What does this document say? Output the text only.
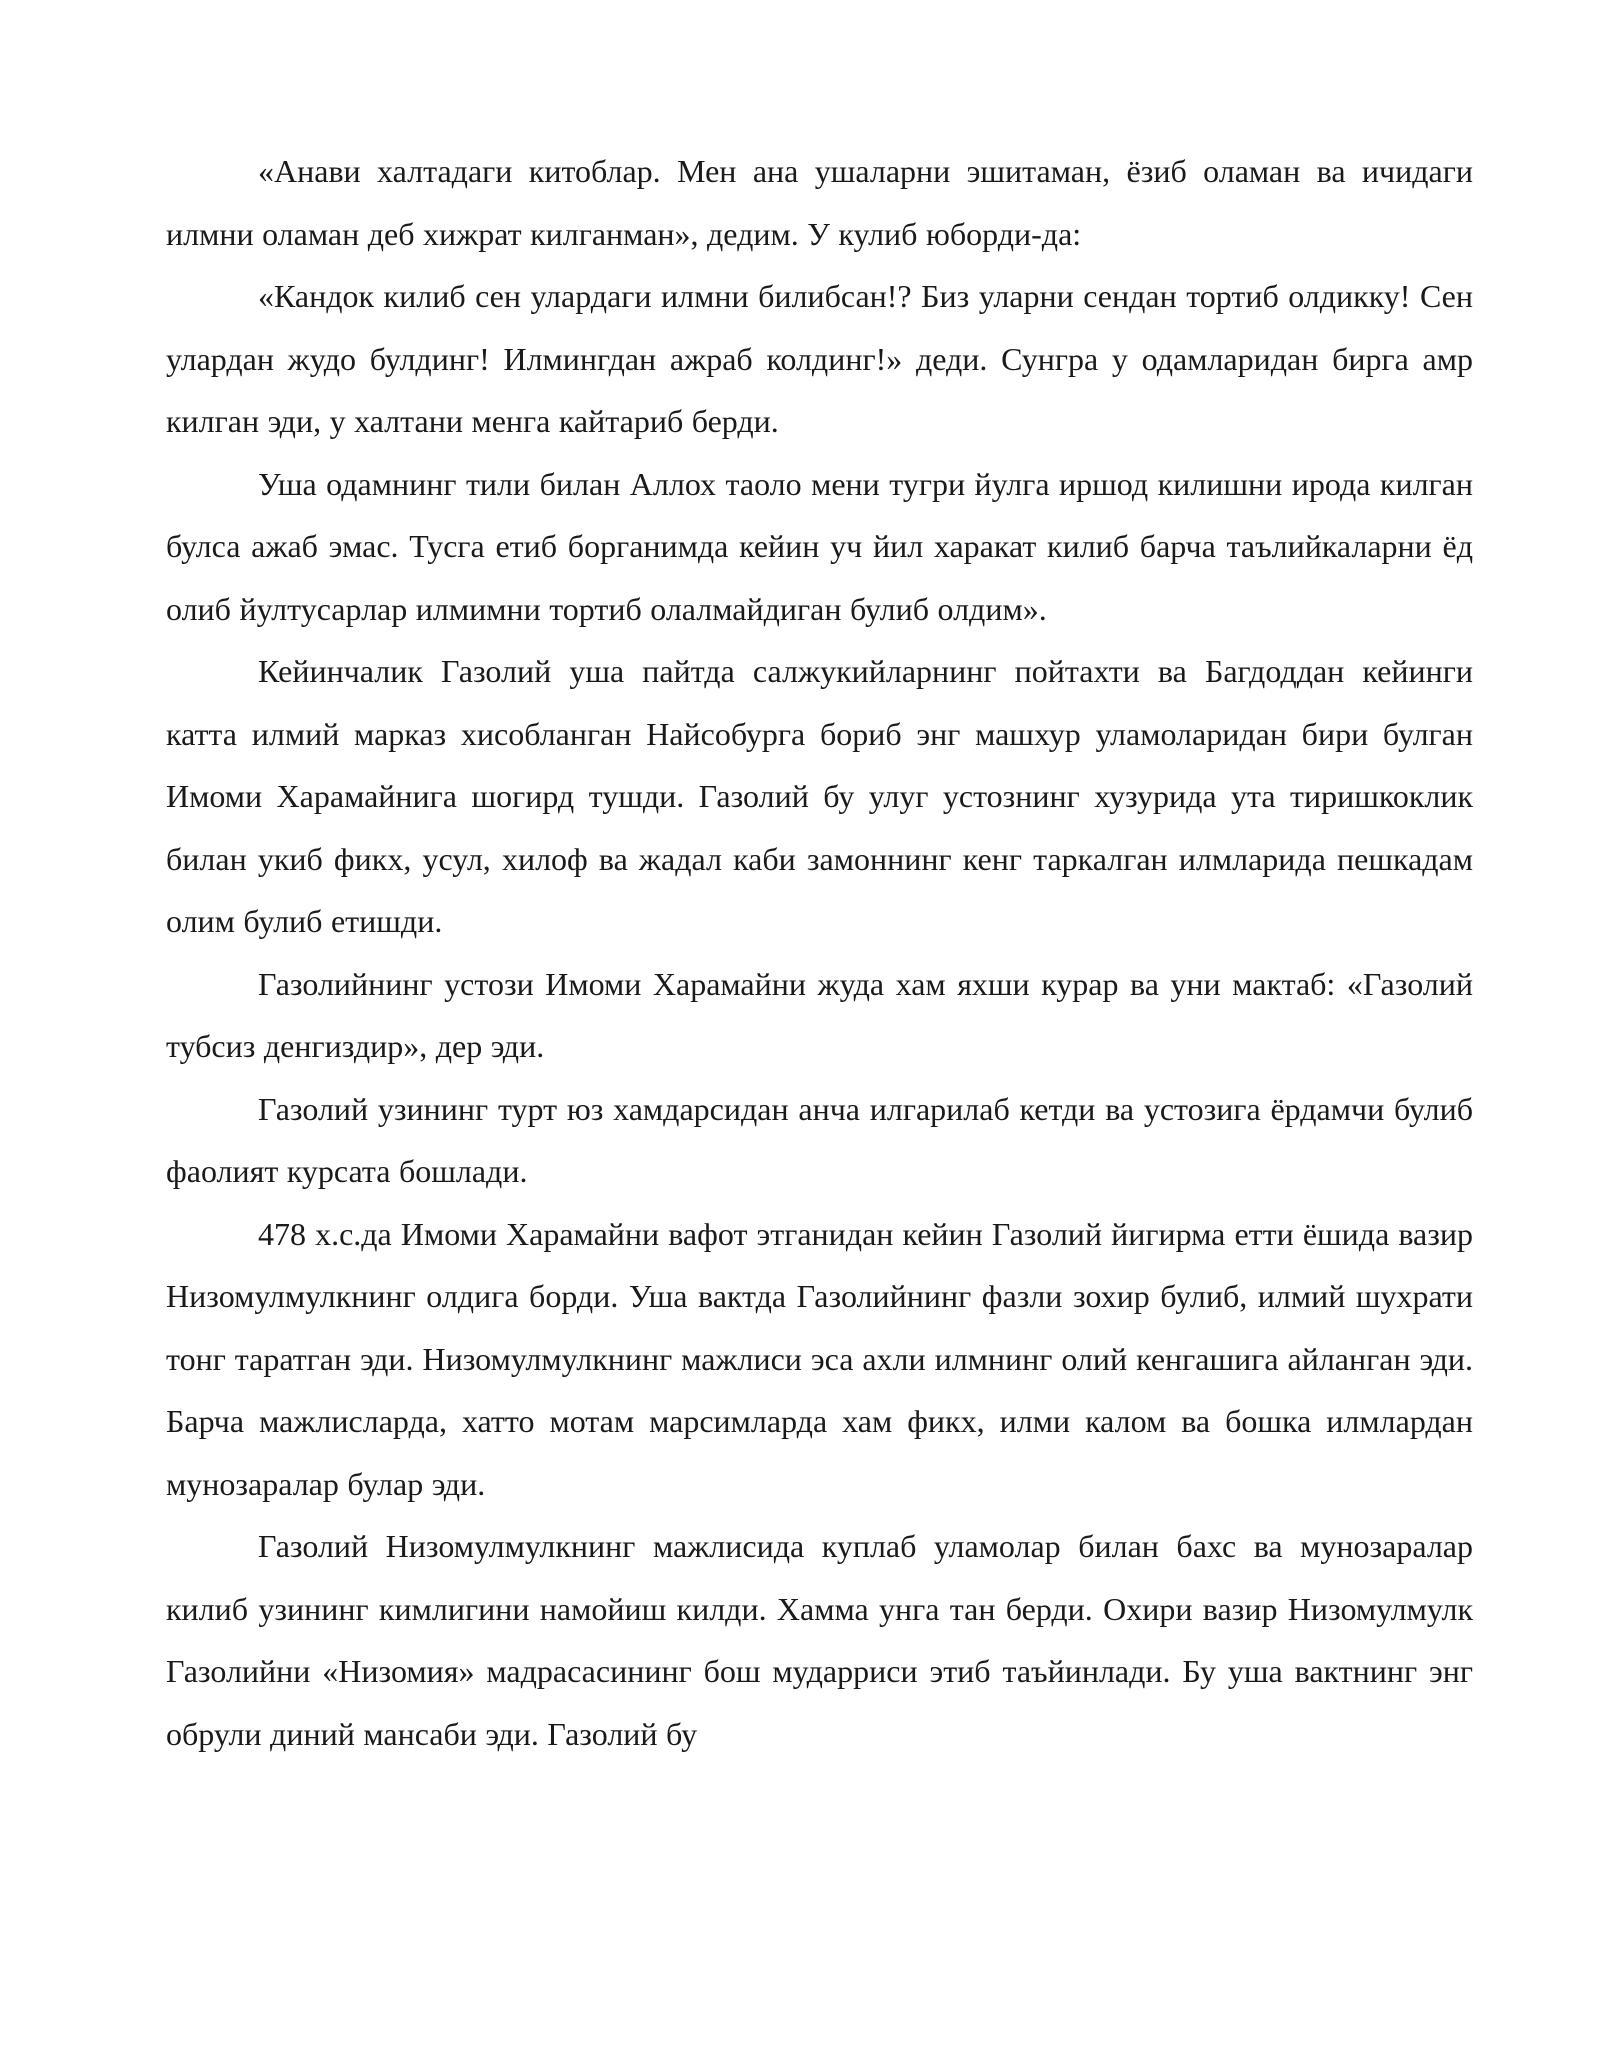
«Анави халтадаги китоблар. Мен ана ушаларни эшитаман, ёзиб оламан ва ичидаги илмни оламан деб хижрат килганман», дедим. У кулиб юборди-да:

«Кандок килиб сен улардаги илмни билибсан!? Биз уларни сендан тортиб олдикку! Сен улардан жудо булдинг! Илмингдан ажраб колдинг!» деди. Сунгра у одамларидан бирга амр килган эди, у халтани менга кайтариб берди.

Уша одамнинг тили билан Аллох таоло мени тугри йулга иршод килишни ирода килган булса ажаб эмас. Тусга етиб борганимда кейин уч йил харакат килиб барча таълийкаларни ёд олиб йултусарлар илмимни тортиб олалмайдиган булиб олдим».

Кейинчалик Газолий уша пайтда салжукийларнинг пойтахти ва Багдоддан кейинги катта илмий марказ хисобланган Найсобурга бориб энг машхур уламоларидан бири булган Имоми Харамайнига шогирд тушди. Газолий бу улуг устознинг хузурида ута тиришкоклик билан укиб фикх, усул, хилоф ва жадал каби замоннинг кенг таркалган илмларида пешкадам олим булиб етишди.

Газолийнинг устози Имоми Харамайни жуда хам яхши курар ва уни мактаб: «Газолий тубсиз денгиздир», дер эди.

Газолий узининг турт юз хамдарсидан анча илгарилаб кетди ва устозига ёрдамчи булиб фаолият курсата бошлади.

478 х.с.да Имоми Харамайни вафот этганидан кейин Газолий йигирма етти ёшида вазир Низомулмулкнинг олдига борди. Уша вактда Газолийнинг фазли зохир булиб, илмий шухрати тонг таратган эди. Низомулмулкнинг мажлиси эса ахли илмнинг олий кенгашига айланган эди. Барча мажлисларда, хатто мотам марсимларда хам фикх, илми калом ва бошка илмлардан мунозаралар булар эди.

Газолий Низомулмулкнинг мажлисида куплаб уламолар билан бахс ва мунозаралар килиб узининг кимлигини намойиш килди. Хамма унга тан берди. Охири вазир Низомулмулк Газолийни «Низомия» мадрасасининг бош мударриси этиб таъйинлади. Бу уша вактнинг энг обрули диний мансаби эди. Газолий бу
